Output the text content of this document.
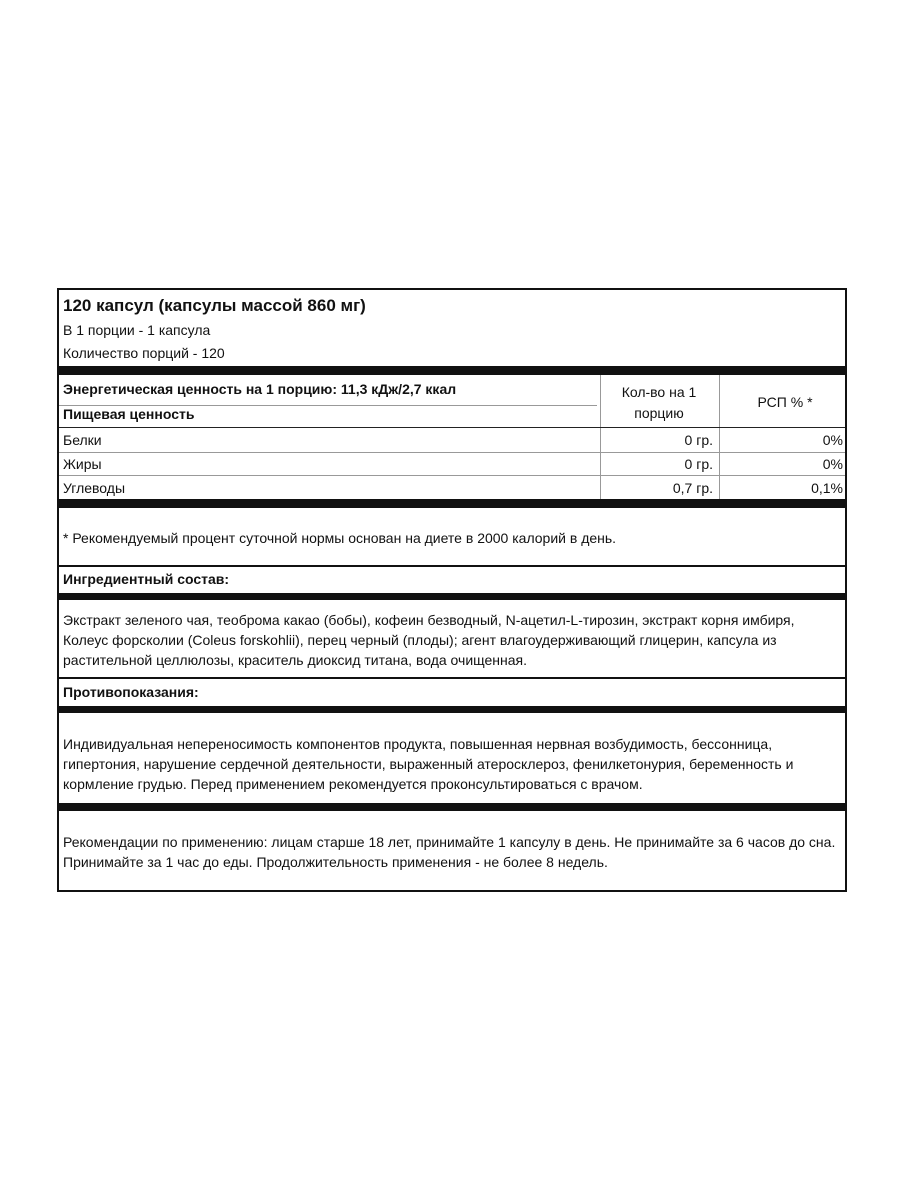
120 капсул (капсулы массой 860 мг)
В 1 порции - 1 капсула
Количество порций - 120
Энергетическая ценность на 1 порцию: 11,3 кДж/2,7 ккал
Пищевая ценность
Кол-во на 1 порцию
РСП % *
Белки	0 гр.	0%
Жиры	0 гр.	0%
Углеводы	0,7 гр.	0,1%
* Рекомендуемый процент суточной нормы основан на диете в 2000 калорий в день.
Ингредиентный состав:
Экстракт зеленого чая, теоброма какао (бобы), кофеин безводный, N-ацетил-L-тирозин, экстракт корня имбиря, Колеус форсколии (Coleus forskohlii), перец черный (плоды); агент влагоудерживающий глицерин, капсула из растительной целлюлозы, краситель диоксид титана, вода очищенная.
Противопоказания:
Индивидуальная непереносимость компонентов продукта, повышенная нервная возбудимость, бессонница, гипертония, нарушение сердечной деятельности, выраженный атеросклероз, фенилкетонурия, беременность и кормление грудью. Перед применением рекомендуется проконсультироваться с врачом.
Рекомендации по применению: лицам старше 18 лет, принимайте 1 капсулу в день. Не принимайте за 6 часов до сна. Принимайте за 1 час до еды. Продолжительность применения - не более 8 недель.
